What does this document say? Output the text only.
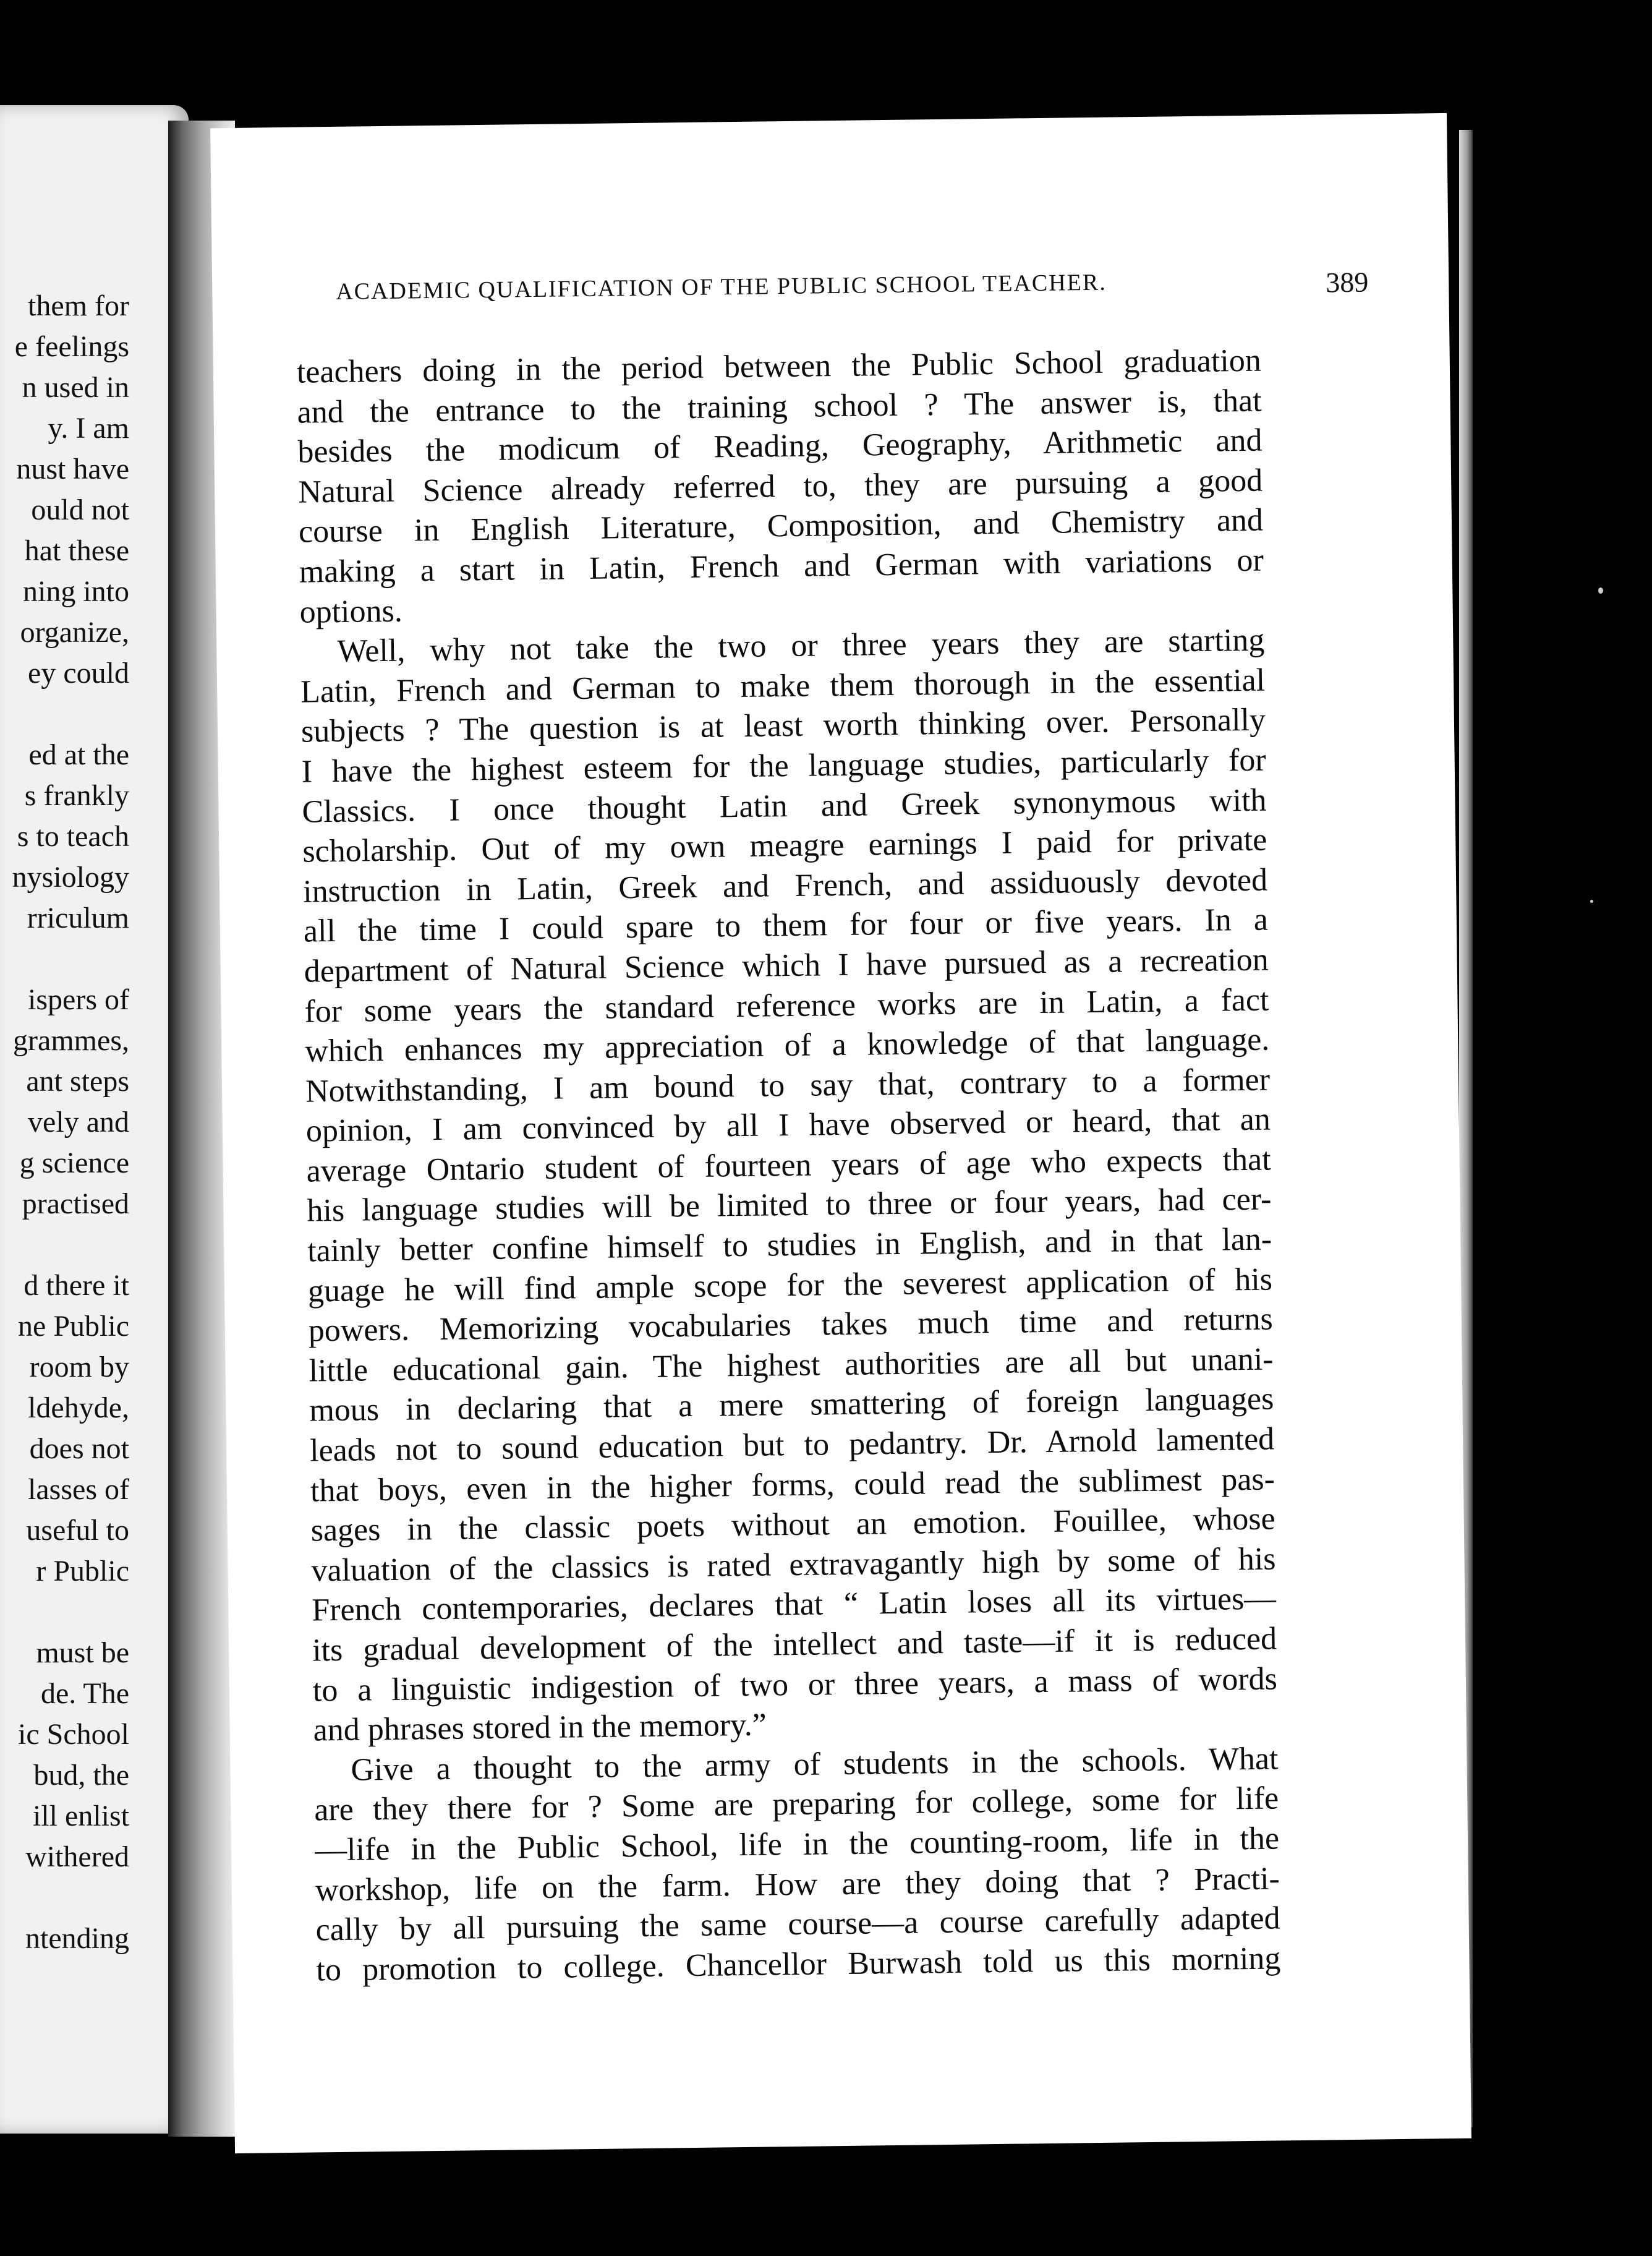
them for
e feelings
n used in
y. I am
nust have
ould not
hat these
ning into
organize,
ey could
ed at the
s frankly
s to teach
nysiology
rriculum
ispers of
grammes,
ant steps
vely and
g science
practised
d there it
ne Public
room by
ldehyde,
does not
lasses of
useful to
r Public
must be
de. The
ic School
bud, the
ill enlist
withered
ntending
ACADEMIC QUALIFICATION OF THE PUBLIC SCHOOL TEACHER.	389
teachers doing in the period between the Public School graduation
and the entrance to the training school ? The answer is, that
besides the modicum of Reading, Geography, Arithmetic and
Natural Science already referred to, they are pursuing a good
course in English Literature, Composition, and Chemistry and
making a start in Latin, French and German with variations or
options.
Well, why not take the two or three years they are starting
Latin, French and German to make them thorough in the essential
subjects ? The question is at least worth thinking over. Personally
I have the highest esteem for the language studies, particularly for
Classics. I once thought Latin and Greek synonymous with
scholarship. Out of my own meagre earnings I paid for private
instruction in Latin, Greek and French, and assiduously devoted
all the time I could spare to them for four or five years. In a
department of Natural Science which I have pursued as a recreation
for some years the standard reference works are in Latin, a fact
which enhances my appreciation of a knowledge of that language.
Notwithstanding, I am bound to say that, contrary to a former
opinion, I am convinced by all I have observed or heard, that an
average Ontario student of fourteen years of age who expects that
his language studies will be limited to three or four years, had cer-
tainly better confine himself to studies in English, and in that lan-
guage he will find ample scope for the severest application of his
powers. Memorizing vocabularies takes much time and returns
little educational gain. The highest authorities are all but unani-
mous in declaring that a mere smattering of foreign languages
leads not to sound education but to pedantry. Dr. Arnold lamented
that boys, even in the higher forms, could read the sublimest pas-
sages in the classic poets without an emotion. Fouillee, whose
valuation of the classics is rated extravagantly high by some of his
French contemporaries, declares that “ Latin loses all its virtues—
its gradual development of the intellect and taste—if it is reduced
to a linguistic indigestion of two or three years, a mass of words
and phrases stored in the memory.”
Give a thought to the army of students in the schools. What
are they there for ? Some are preparing for college, some for life
—life in the Public School, life in the counting-room, life in the
workshop, life on the farm. How are they doing that ? Practi-
cally by all pursuing the same course—a course carefully adapted
to promotion to college. Chancellor Burwash told us this morning
